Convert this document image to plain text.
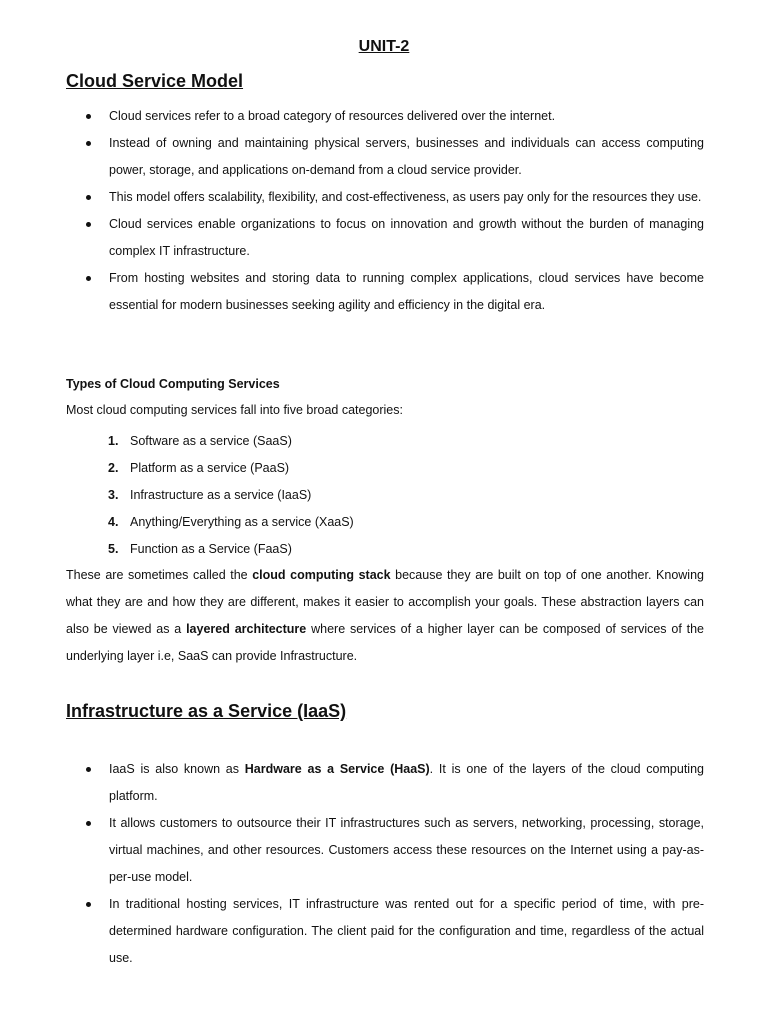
UNIT-2
Cloud Service Model
Cloud services refer to a broad category of resources delivered over the internet.
Instead of owning and maintaining physical servers, businesses and individuals can access computing power, storage, and applications on-demand from a cloud service provider.
This model offers scalability, flexibility, and cost-effectiveness, as users pay only for the resources they use.
Cloud services enable organizations to focus on innovation and growth without the burden of managing complex IT infrastructure.
From hosting websites and storing data to running complex applications, cloud services have become essential for modern businesses seeking agility and efficiency in the digital era.
Types of Cloud Computing Services
Most cloud computing services fall into five broad categories:
1. Software as a service (SaaS)
2. Platform as a service (PaaS)
3. Infrastructure as a service (IaaS)
4. Anything/Everything as a service (XaaS)
5. Function as a Service (FaaS)

These are sometimes called the cloud computing stack because they are built on top of one another. Knowing what they are and how they are different, makes it easier to accomplish your goals. These abstraction layers can also be viewed as a layered architecture where services of a higher layer can be composed of services of the underlying layer i.e, SaaS can provide Infrastructure.

Infrastructure as a Service (IaaS)
IaaS is also known as Hardware as a Service (HaaS). It is one of the layers of the cloud computing platform.
It allows customers to outsource their IT infrastructures such as servers, networking, processing, storage, virtual machines, and other resources. Customers access these resources on the Internet using a pay-as-per-use model.
In traditional hosting services, IT infrastructure was rented out for a specific period of time, with pre-determined hardware configuration. The client paid for the configuration and time, regardless of the actual use.
